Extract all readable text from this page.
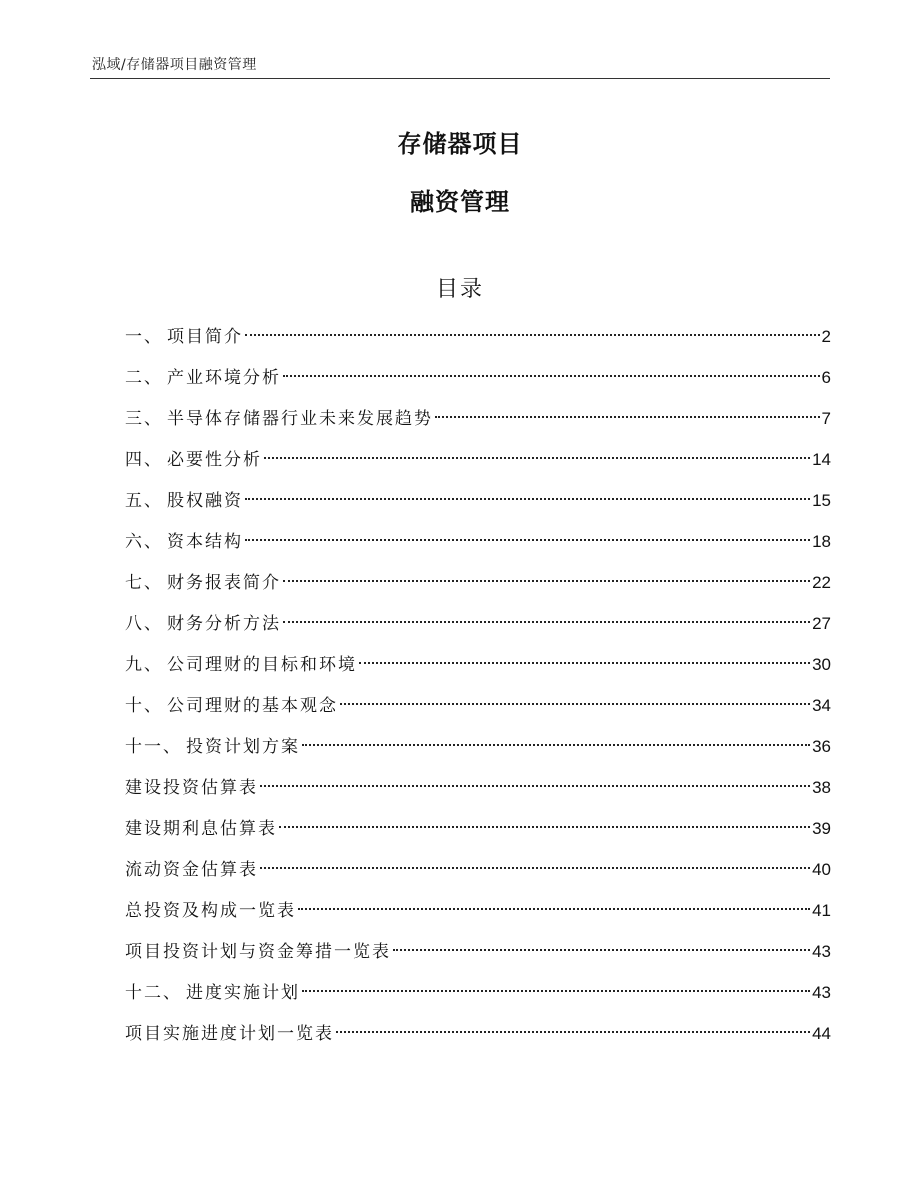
泓域/存储器项目融资管理
存储器项目
融资管理
目录
一、 项目简介	2
二、 产业环境分析	6
三、 半导体存储器行业未来发展趋势	7
四、 必要性分析	14
五、 股权融资	15
六、 资本结构	18
七、 财务报表简介	22
八、 财务分析方法	27
九、 公司理财的目标和环境	30
十、 公司理财的基本观念	34
十一、 投资计划方案	36
建设投资估算表	38
建设期利息估算表	39
流动资金估算表	40
总投资及构成一览表	41
项目投资计划与资金筹措一览表	43
十二、 进度实施计划	43
项目实施进度计划一览表	44
